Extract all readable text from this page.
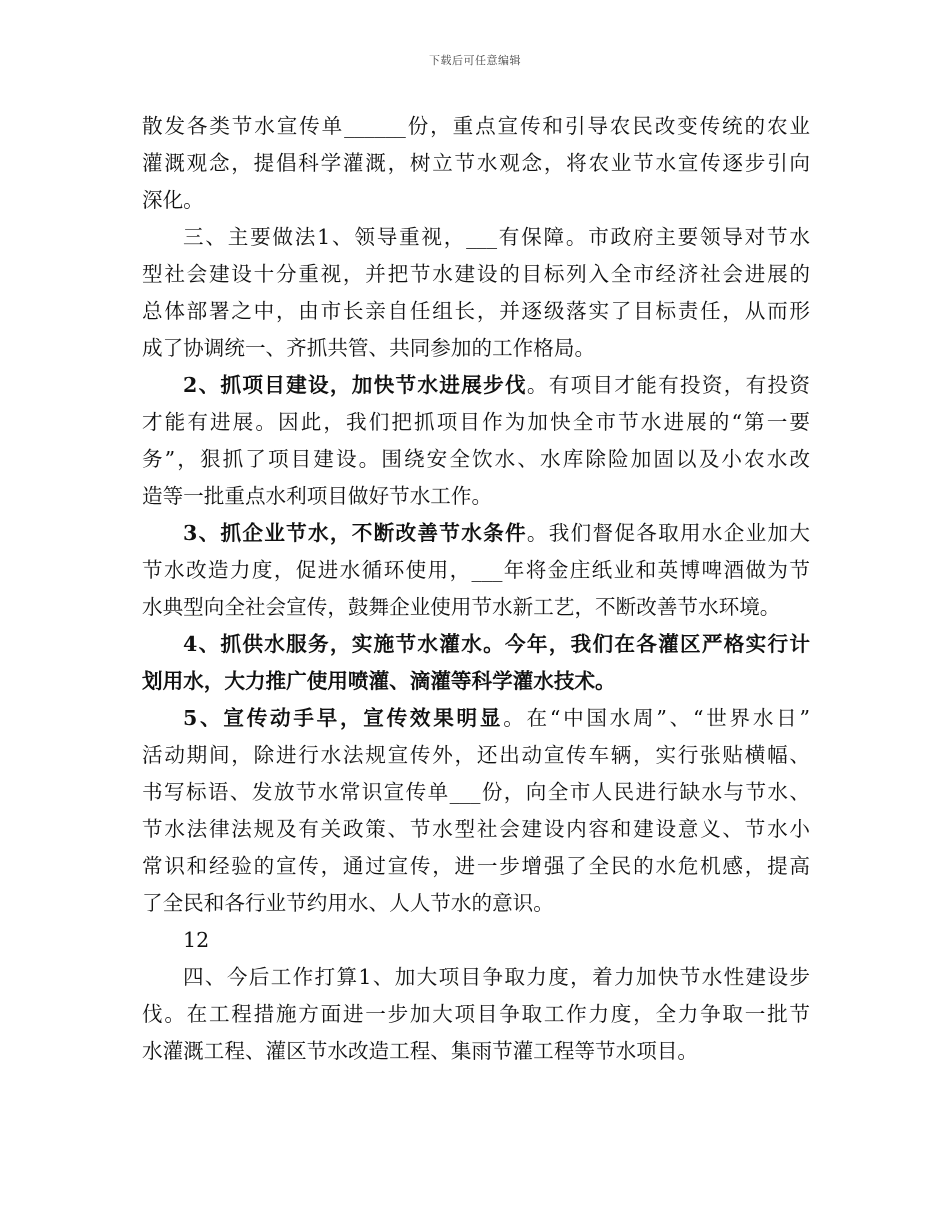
下载后可任意编辑
散发各类节水宣传单______份，重点宣传和引导农民改变传统的农业
灌溉观念，提倡科学灌溉，树立节水观念，将农业节水宣传逐步引向
深化。
三、主要做法1、领导重视，___有保障。市政府主要领导对节水
型社会建设十分重视，并把节水建设的目标列入全市经济社会进展的
总体部署之中，由市长亲自任组长，并逐级落实了目标责任，从而形
成了协调统一、齐抓共管、共同参加的工作格局。
2、抓项目建设，加快节水进展步伐。有项目才能有投资，有投资
才能有进展。因此，我们把抓项目作为加快全市节水进展的“第一要
务”，狠抓了项目建设。围绕安全饮水、水库除险加固以及小农水改
造等一批重点水利项目做好节水工作。
3、抓企业节水，不断改善节水条件。我们督促各取用水企业加大
节水改造力度，促进水循环使用，___年将金庄纸业和英博啤酒做为节
水典型向全社会宣传，鼓舞企业使用节水新工艺，不断改善节水环境。
4、抓供水服务，实施节水灌水。今年，我们在各灌区严格实行计
划用水，大力推广使用喷灌、滴灌等科学灌水技术。
5、宣传动手早，宣传效果明显。在“中国水周”、“世界水日”
活动期间，除进行水法规宣传外，还出动宣传车辆，实行张贴横幅、
书写标语、发放节水常识宣传单___份，向全市人民进行缺水与节水、
节水法律法规及有关政策、节水型社会建设内容和建设意义、节水小
常识和经验的宣传，通过宣传，进一步增强了全民的水危机感，提高
了全民和各行业节约用水、人人节水的意识。
12
四、今后工作打算1、加大项目争取力度，着力加快节水性建设步
伐。在工程措施方面进一步加大项目争取工作力度，全力争取一批节
水灌溉工程、灌区节水改造工程、集雨节灌工程等节水项目。
